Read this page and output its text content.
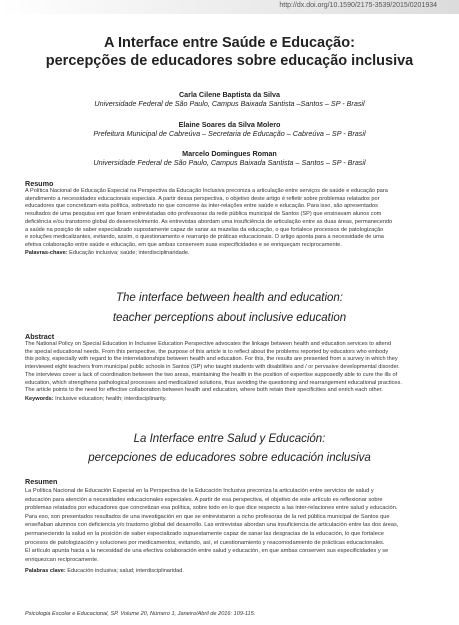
http://dx.doi.org/10.1590/2175-3539/2015/0201934
A Interface entre Saúde e Educação:
percepções de educadores sobre educação inclusiva
Carla Cilene Baptista da Silva
Universidade Federal de São Paulo, Campus Baixada Santista –Santos – SP - Brasil
Elaine Soares da Silva Molero
Prefeitura Municipal de Cabreúva – Secretaria de Educação – Cabreúva – SP - Brasil
Marcelo Domingues Roman
Universidade Federal de São Paulo, Campus Baixada Santista – Santos – SP - Brasil
Resumo
A Política Nacional de Educação Especial na Perspectiva da Educação Inclusiva preconiza a articulação entre serviços de saúde e educação para
atendimento a necessidades educacionais especiais. A partir dessa perspectiva, o objetivo deste artigo é refletir sobre problemas relatados por
educadores que concretizam esta política, sobretudo no que concerne às inter-relações entre saúde e educação. Para isso, são apresentados
resultados de uma pesquisa em que foram entrevistadas oito professoras da rede pública municipal de Santos (SP) que ensinavam alunos com
deficiência e/ou transtorno global do desenvolvimento. As entrevistas abordam uma insuficiência de articulação entre as duas áreas, permanecendo
a saúde na posição de saber especializado supostamente capaz de sanar as mazelas da educação, o que fortalece processos de patologização
e soluções medicalizantes, evitando, assim, o questionamento e rearranjo de práticas educacionais. O artigo aponta para a necessidade de uma
efetiva colaboração entre saúde e educação, em que ambas conservem suas especificidades e se enriqueçam reciprocamente.
Palavras-chave: Educação inclusiva; saúde; interdisciplinaridade.
The interface between health and education:
teacher perceptions about inclusive education
Abstract
The National Policy on Special Education in Inclusive Education Perspective advocates the linkage between health and education services to attend
the special educational needs. From this perspective, the purpose of this article is to reflect about the problems reported by educators who embody
this policy, especially with regard to the interrelationships between health and education. For this, the results are presented from a survey in which they
interviewed eight teachers from municipal public schools in Santos (SP) who taught students with disabilities and / or pervasive developmental disorder.
The interviews cover a lack of coordination between the two areas, maintaining the health in the position of expertise supposedly able to cure the ills of
education, which strengthens pathological processes and medicalized solutions, thus avoiding the questioning and rearrangement educational practices.
The article points to the need for effective collaboration between health and education, where both retain their specificities and enrich each other.
Keywords: Inclusive education; health; interdisciplinarity.
La Interface entre Salud y Educación:
percepciones de educadores sobre educación inclusiva
Resumen
La Política Nacional de Educación Especial en la Perspectiva de la Educación Inclusiva preconiza la articulación entre servicios de salud y
educación para atención a necesidades educacionales especiales. A partir de esa perspectiva, el objetivo de este artículo es reflexionar sobre
problemas relatados por educadores que concretizan esa política, sobre todo en lo que dice respecto a las inter-relaciones entre salud y educación.
Para eso, son presentados resultados de una investigación en que se entrevistaron a ocho profesoras de la red pública municipal de Santos que
enseñaban alumnos con deficiencia y/o trastorno global del desarrollo. Las entrevistas abordan una insuficiencia de articulación entre las dos áreas,
permaneciendo la salud en la posición de saber especializado supuestamente capaz de sanar las desgracias de la educación, lo que fortalece
procesos de patologización y soluciones por medicamentos, evitando, así, el cuestionamiento y reacomodamiento de prácticas educacionales.
El artículo apunta hacia a la necesidad de una efectiva colaboración entre salud y educación, en que ambas conserven sus especificidades y se
enriquezcan recíprocamente.
Palabras clave: Educación inclusiva; salud; interdisciplinaridad.
Psicologia Escolar e Educacional, SP. Volume 20, Número 1, Janeiro/Abril de 2016: 109-115.
